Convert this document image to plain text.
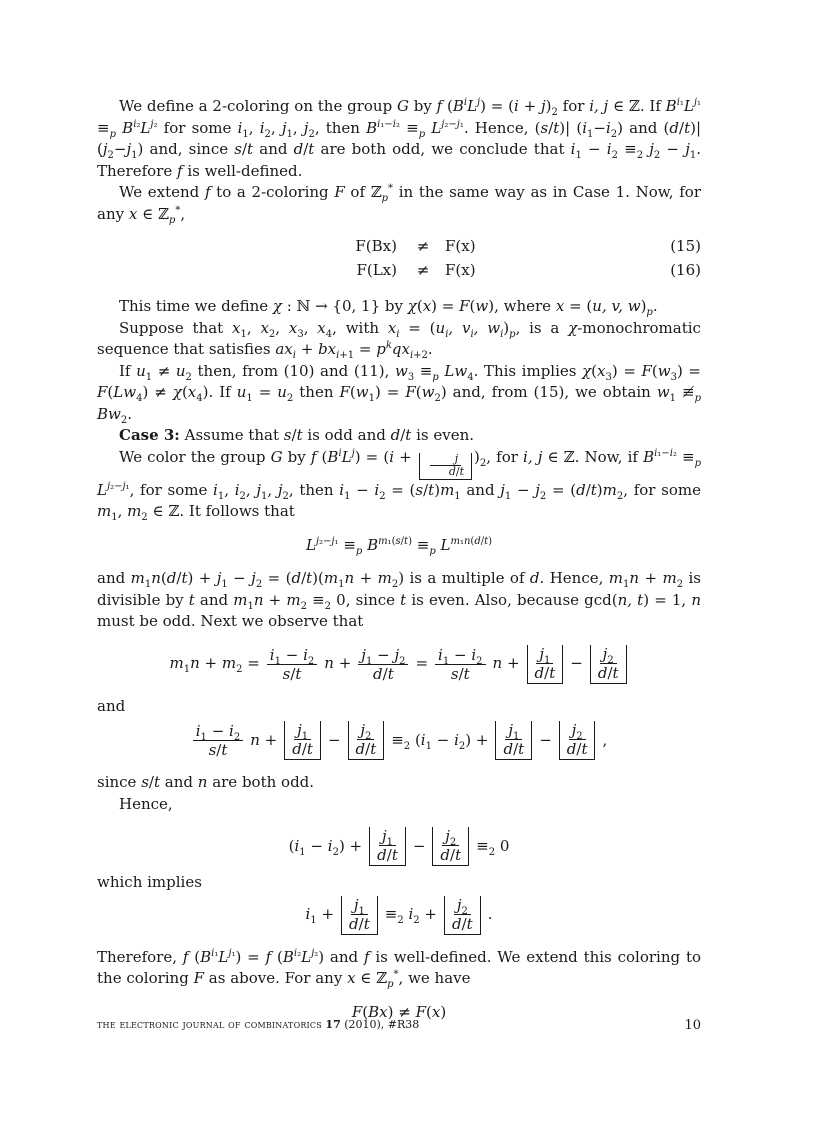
We define a 2-coloring on the group G by f $(B^iL^j) = (i + j)_2$ for i, j ∈ ℤ. If $B^{i_1}L^{j_1} \equiv_p$ $B^{i_2}L^{j_2}$ for some $i_1$, $i_2$, $j_1$, $j_2$, then $B^{i_1-i_2} \equiv_p$ $L^{j_2-j_1}$. Hence, (s/t)| $(i_1-i_2)$ and (d/t)| $(j_2-j_1)$ and, since s/t and d/t are both odd, we conclude that $i_1 - i_2 \equiv_2$ $j_2 - j_1$. Therefore f is well-defined.

We extend f to a 2-coloring F of ℤ$_p$* in the same way as in Case 1. Now, for any x ∈ ℤ$_p$*,

F(Bx)	≠	F(x)	(15)
F(Lx)	≠	F(x)	(16)

This time we define χ : ℕ → {0, 1} by χ(x) = F(w), where x = (u, v, $w)_p$.

Suppose that $x_1$, $x_2$, $x_3$, $x_4$, with $x_i = (u_i$, $v_i$, $w_i)_p$, is a χ-monochromatic sequence that satisfies $ax_i + bx_{i+1} = p^kqx_{i+2}$.

If $u_1 \ne u_2$ then, from (10) and (11), $w_3 \equiv_p$ $Lw_4$. This implies $\chi(x_3) = F(w_3) = F(Lw_4) \ne \chi(x_4)$. If $u_1 = u_2$ then $F(w_1) = F(w_2)$ and, from (15), we obtain $w_1$ $≢_p$ $Bw_2$.

Case 3: Assume that s/t is odd and d/t is even.

We color the group G by f $(B^iL^j) = (i + \frac{j}{d/t} )_2$, for i, j ∈ ℤ. Now, if $B^{i_1-i_2} \equiv_p$ $L^{j_2-j_1}$, for some $i_1$, $i_2$, $j_1$, $j_2$, then $i_1 - i_2 = (s/t)m_1$ and $j_1 - j_2 = (d/t)m_2$, for some $m_1$, $m_2$ ∈ ℤ. It follows that

$L^{j_2-j_1} \equiv_p$ $B^{m_1(s/t)} \equiv_p$ $L^{m_1n(d/t)}$

and $m_1n(d/t) + j_1 - j_2 = (d/t)(m_1n + m_2)$ is a multiple of d. Hence, $m_1n + m_2$ is divisible by t and $m_1n + m_2 \equiv_2$ 0, since t is even. Also, because gcd(n, t) = 1, n must be odd. Next we observe that

$m_1n + m_2 = \frac{i_1 - i_2}{s/t}$ $n + \frac{j_1 - j_2}{d/t} = \frac{i_1 - i_2}{s/t}$ $n + \frac{j_1}{d/t} - \frac{j_2}{d/t}$

and

$\frac{i_1 - i_2}{s/t}$ $n + \frac{j_1}{d/t} - \frac{j_2}{d/t} \equiv_2$ $(i_1 - i_2) + \frac{j_1}{d/t} - \frac{j_2}{d/t}$ ,

since s/t and n are both odd.

Hence,

$(i_1 - i_2) + \frac{j_1}{d/t} - \frac{j_2}{d/t} \equiv_2$ 0

which implies

$i_1 + \frac{j_1}{d/t} \equiv_2$ $i_2 + \frac{j_2}{d/t}$ .

Therefore, f $(B^{i_1}L^{j_1}) = f$ $(B^{i_2}L^{j_2})$ and f is well-defined. We extend this coloring to the coloring F as above. For any x ∈ ℤ$_p$*, we have

F(Bx) ≠ F(x)
the electronic journal of combinatorics 17 (2010), #R38	10
